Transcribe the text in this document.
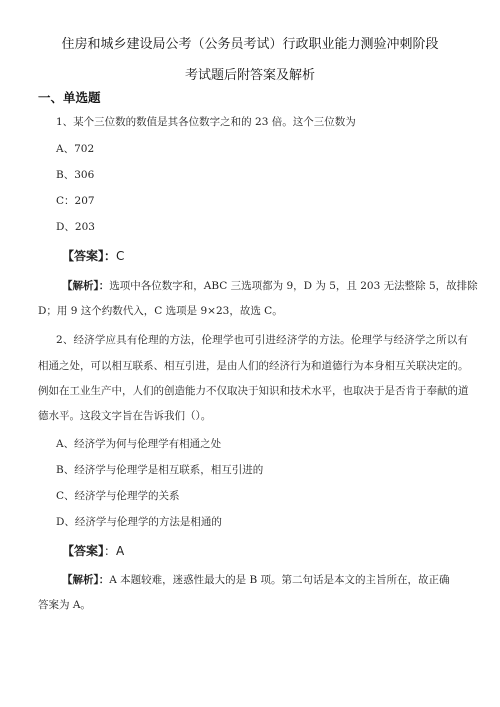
住房和城乡建设局公考（公务员考试）行政职业能力测验冲刺阶段
考试题后附答案及解析
一、单选题
1、某个三位数的数值是其各位数字之和的 23 倍。这个三位数为
A、702
B、306
C：207
D、203
【答案】：C
【解析】：选项中各位数字和，ABC 三选项都为 9，D 为 5，且 203 无法整除 5，故排除
D；用 9 这个约数代入，C 选项是 9×23，故选 C。
2、经济学应具有伦理的方法，伦理学也可引进经济学的方法。伦理学与经济学之所以有
相通之处，可以相互联系、相互引进，是由人们的经济行为和道德行为本身相互关联决定的。
例如在工业生产中，人们的创造能力不仅取决于知识和技术水平，也取决于是否肯于奉献的道
德水平。这段文字旨在告诉我们（）。
A、经济学为何与伦理学有相通之处
B、经济学与伦理学是相互联系，相互引进的
C、经济学与伦理学的关系
D、经济学与伦理学的方法是相通的
【答案】：A
【解析】：A 本题较难，迷惑性最大的是 B 项。第二句话是本文的主旨所在，故正确
答案为 A。
